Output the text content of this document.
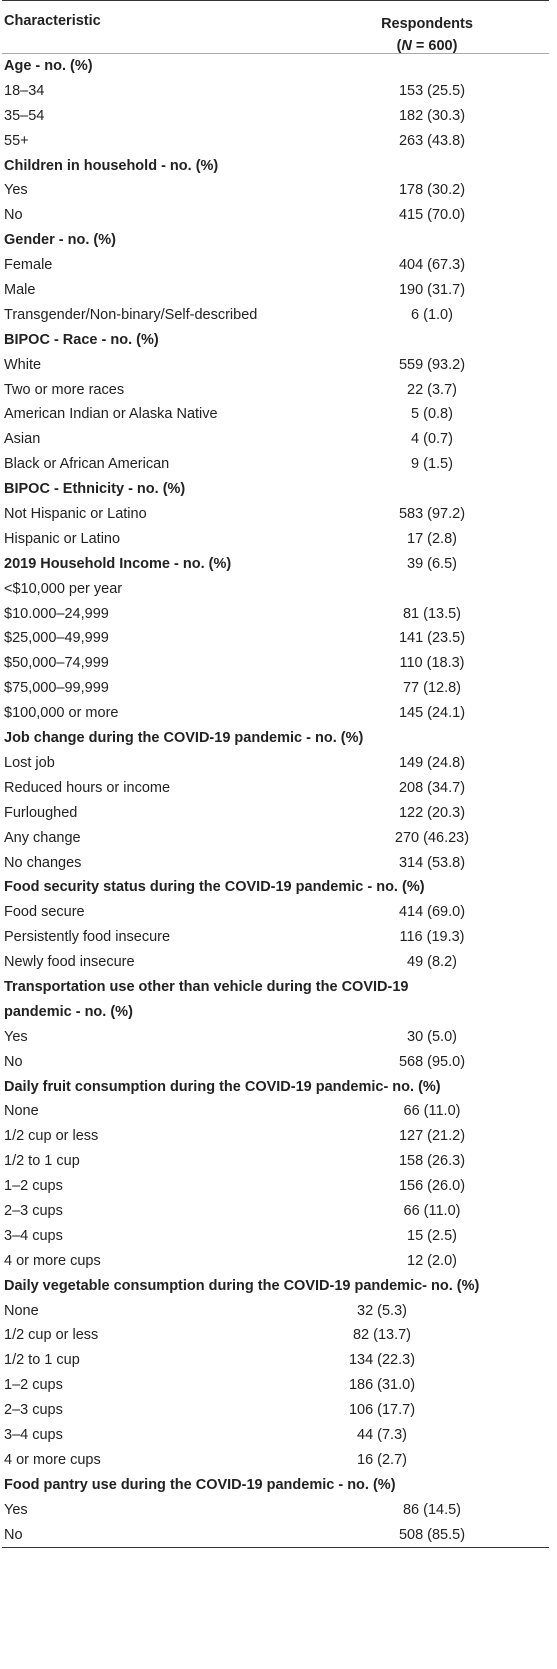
Characteristic	Respondents
(N = 600)
Age - no. (%)
18–34	153 (25.5)
35–54	182 (30.3)
55+	263 (43.8)
Children in household - no. (%)
Yes	178 (30.2)
No	415 (70.0)
Gender - no. (%)
Female	404 (67.3)
Male	190 (31.7)
Transgender/Non-binary/Self-described	6 (1.0)
BIPOC - Race - no. (%)
White	559 (93.2)
Two or more races	22 (3.7)
American Indian or Alaska Native	5 (0.8)
Asian	4 (0.7)
Black or African American	9 (1.5)
BIPOC - Ethnicity - no. (%)
Not Hispanic or Latino	583 (97.2)
Hispanic or Latino	17 (2.8)
2019 Household Income - no. (%)	39 (6.5)
<$10,000 per year
$10.000–24,999	81 (13.5)
$25,000–49,999	141 (23.5)
$50,000–74,999	110 (18.3)
$75,000–99,999	77 (12.8)
$100,000 or more	145 (24.1)
Job change during the COVID-19 pandemic - no. (%)
Lost job	149 (24.8)
Reduced hours or income	208 (34.7)
Furloughed	122 (20.3)
Any change	270 (46.23)
No changes	314 (53.8)
Food security status during the COVID-19 pandemic - no. (%)
Food secure	414 (69.0)
Persistently food insecure	116 (19.3)
Newly food insecure	49 (8.2)
Transportation use other than vehicle during the COVID-19 pandemic - no. (%)
Yes	30 (5.0)
No	568 (95.0)
Daily fruit consumption during the COVID-19 pandemic- no. (%)
None	66 (11.0)
1/2 cup or less	127 (21.2)
1/2 to 1 cup	158 (26.3)
1–2 cups	156 (26.0)
2–3 cups	66 (11.0)
3–4 cups	15 (2.5)
4 or more cups	12 (2.0)
Daily vegetable consumption during the COVID-19 pandemic- no. (%)
None	32 (5.3)
1/2 cup or less	82 (13.7)
1/2 to 1 cup	134 (22.3)
1–2 cups	186 (31.0)
2–3 cups	106 (17.7)
3–4 cups	44 (7.3)
4 or more cups	16 (2.7)
Food pantry use during the COVID-19 pandemic - no. (%)
Yes	86 (14.5)
No	508 (85.5)
